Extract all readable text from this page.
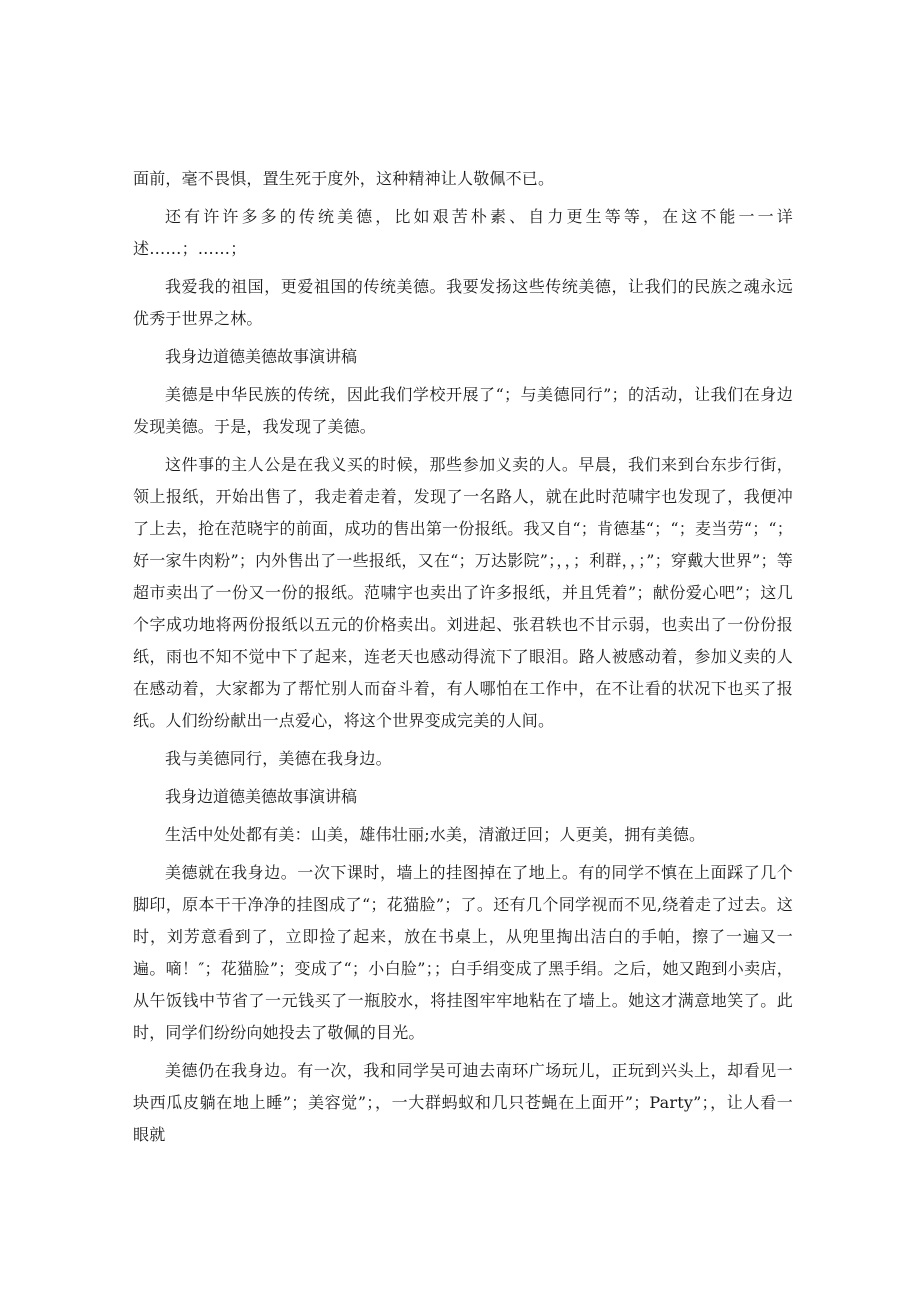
面前，毫不畏惧，置生死于度外，这种精神让人敬佩不已。

还有许许多多的传统美德，比如艰苦朴素、自力更生等等，在这不能一一详述……；……；

我爱我的祖国，更爱祖国的传统美德。我要发扬这些传统美德，让我们的民族之魂永远优秀于世界之林。

我身边道德美德故事演讲稿

美德是中华民族的传统，因此我们学校开展了“；与美德同行”；的活动，让我们在身边发现美德。于是，我发现了美德。

这件事的主人公是在我义买的时候，那些参加义卖的人。早晨，我们来到台东步行街，领上报纸，开始出售了，我走着走着，发现了一名路人，就在此时范啸宇也发现了，我便冲了上去，抢在范晓宇的前面，成功的售出第一份报纸。我又自“；肯德基“；“；麦当劳“；“；好一家牛肉粉”；内外售出了一些报纸，又在“；万达影院”；，，；利群，，；”；穿戴大世界”；等超市卖出了一份又一份的报纸。范啸宇也卖出了许多报纸，并且凭着”；献份爱心吧”；这几个字成功地将两份报纸以五元的价格卖出。刘进起、张君轶也不甘示弱，也卖出了一份份报纸，雨也不知不觉中下了起来，连老天也感动得流下了眼泪。路人被感动着，参加义卖的人在感动着，大家都为了帮忙别人而奋斗着，有人哪怕在工作中，在不让看的状况下也买了报纸。人们纷纷献出一点爱心，将这个世界变成完美的人间。

我与美德同行，美德在我身边。

我身边道德美德故事演讲稿

生活中处处都有美：山美，雄伟壮丽;水美，清澈迂回；人更美，拥有美德。

美德就在我身边。一次下课时，墙上的挂图掉在了地上。有的同学不慎在上面踩了几个脚印，原本干干净净的挂图成了“；花猫脸”；了。还有几个同学视而不见,绕着走了过去。这时，刘芳意看到了，立即捡了起来，放在书桌上，从兜里掏出洁白的手帕，擦了一遍又一遍。嘀！″；花猫脸”；变成了“；小白脸”；；白手绢变成了黑手绢。之后，她又跑到小卖店，从午饭钱中节省了一元钱买了一瓶胶水，将挂图牢牢地粘在了墙上。她这才满意地笑了。此时，同学们纷纷向她投去了敬佩的目光。

美德仍在我身边。有一次，我和同学吴可迪去南环广场玩儿，正玩到兴头上，却看见一块西瓜皮躺在地上睡”；美容觉”；，一大群蚂蚁和几只苍蝇在上面开”；Party”；，让人看一眼就
